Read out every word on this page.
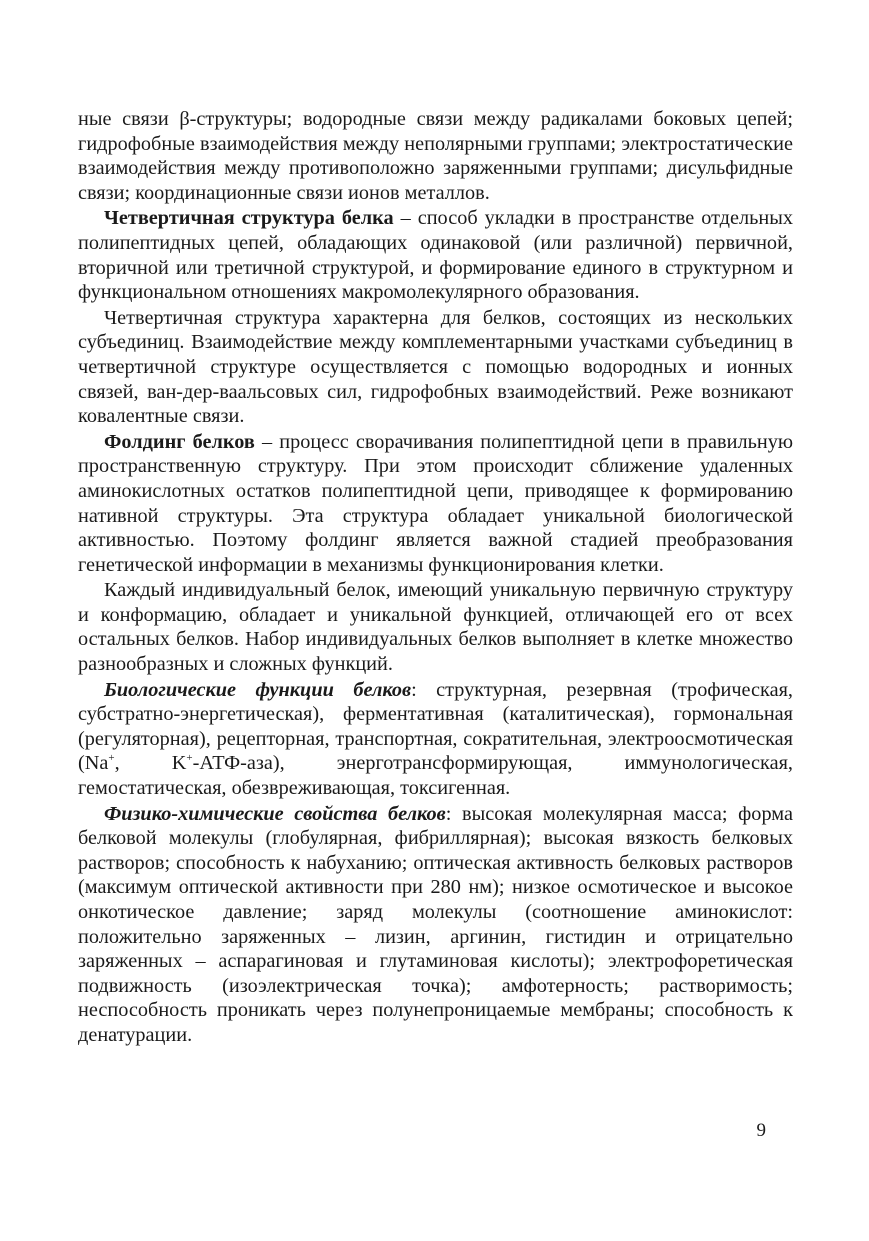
ные связи β-структуры; водородные связи между радикалами боковых цепей; гидрофобные взаимодействия между неполярными группами; электростатические взаимодействия между противоположно заряженными группами; дисульфидные связи; координационные связи ионов металлов.

Четвертичная структура белка – способ укладки в пространстве отдельных полипептидных цепей, обладающих одинаковой (или различной) первичной, вторичной или третичной структурой, и формирование единого в структурном и функциональном отношениях макромолекулярного образования.

Четвертичная структура характерна для белков, состоящих из нескольких субъединиц. Взаимодействие между комплементарными участками субъединиц в четвертичной структуре осуществляется с помощью водородных и ионных связей, ван-дер-ваальсовых сил, гидрофобных взаимодействий. Реже возникают ковалентные связи.

Фолдинг белков – процесс сворачивания полипептидной цепи в правильную пространственную структуру. При этом происходит сближение удаленных аминокислотных остатков полипептидной цепи, приводящее к формированию нативной структуры. Эта структура обладает уникальной биологической активностью. Поэтому фолдинг является важной стадией преобразования генетической информации в механизмы функционирования клетки.

Каждый индивидуальный белок, имеющий уникальную первичную структуру и конформацию, обладает и уникальной функцией, отличающей его от всех остальных белков. Набор индивидуальных белков выполняет в клетке множество разнообразных и сложных функций.

Биологические функции белков: структурная, резервная (трофическая, субстратно-энергетическая), ферментативная (каталитическая), гормональная (регуляторная), рецепторная, транспортная, сократительная, электроосмотическая (Na+, K+-АТФ-аза), энерготрансформирующая, иммунологическая, гемостатическая, обезвреживающая, токсигенная.

Физико-химические свойства белков: высокая молекулярная масса; форма белковой молекулы (глобулярная, фибриллярная); высокая вязкость белковых растворов; способность к набуханию; оптическая активность белковых растворов (максимум оптической активности при 280 нм); низкое осмотическое и высокое онкотическое давление; заряд молекулы (соотношение аминокислот: положительно заряженных – лизин, аргинин, гистидин и отрицательно заряженных – аспарагиновая и глутаминовая кислоты); электрофоретическая подвижность (изоэлектрическая точка); амфотерность; растворимость; неспособность проникать через полунепроницаемые мембраны; способность к денатурации.

9
